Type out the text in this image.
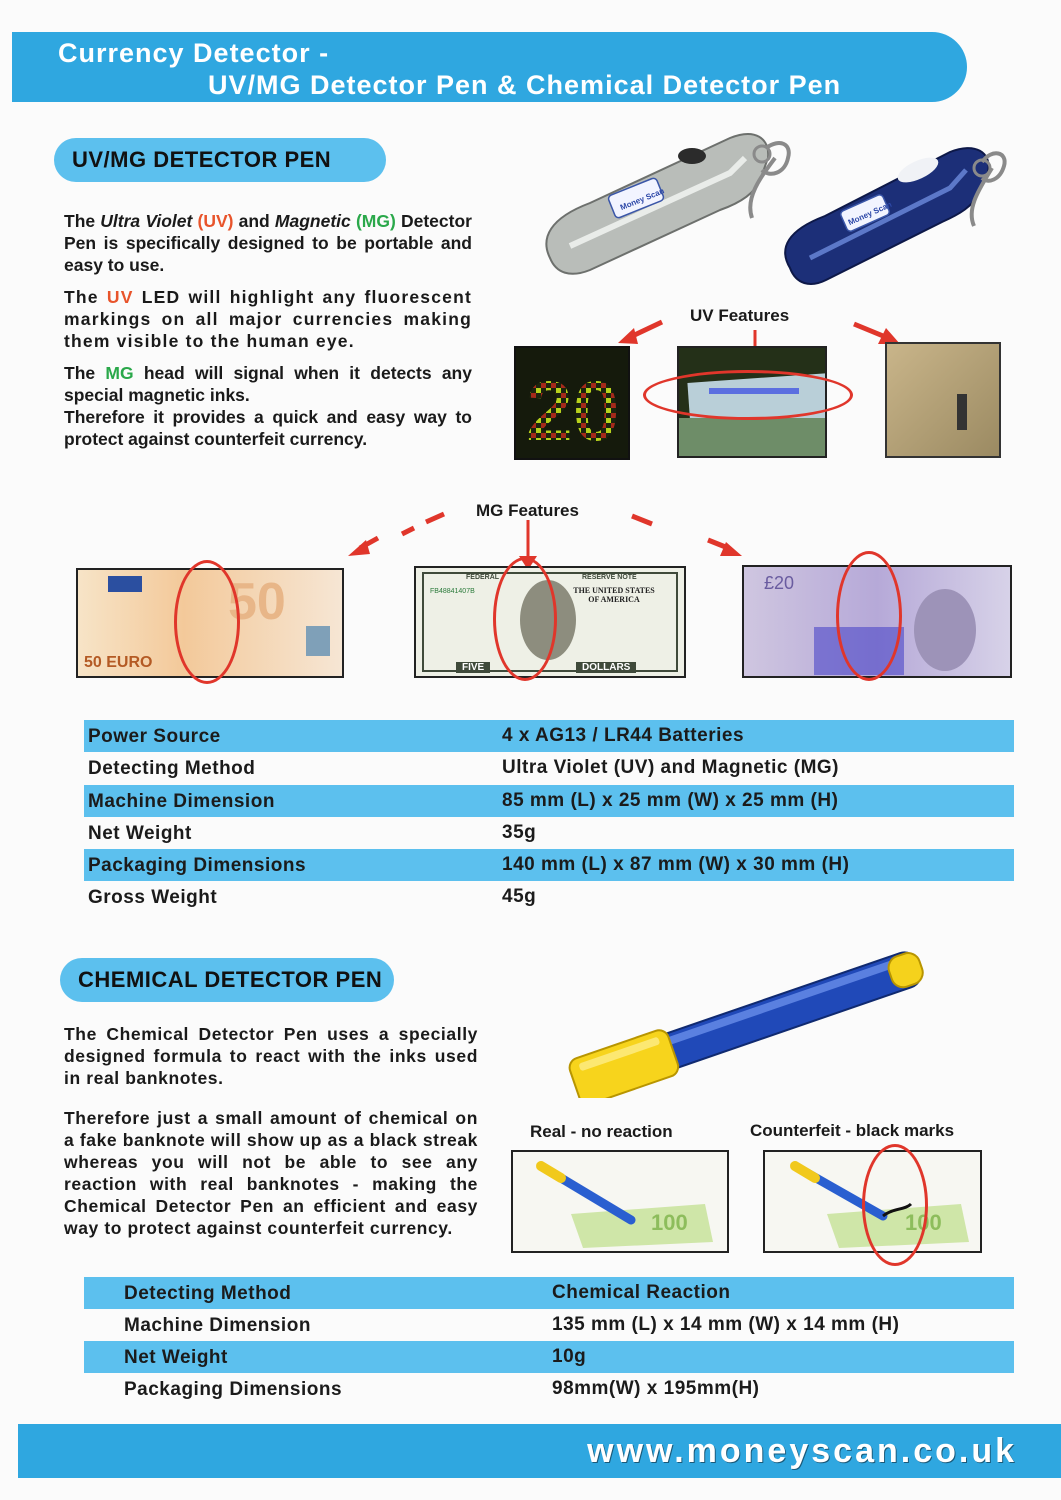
Currency Detector -
UV/MG Detector Pen & Chemical Detector Pen
UV/MG DETECTOR PEN

The Ultra Violet (UV) and Magnetic (MG) Detector Pen is specifically designed to be portable and easy to use.

The UV LED will highlight any fluorescent markings on all major currencies making them visible to the human eye.

The MG head will signal when it detects any special magnetic inks.
Therefore it provides a quick and easy way to protect against counterfeit currency.

Money Scan
Money Scan
UV Features
20
MG Features
50
50 EURO
FEDERAL	RESERVE NOTE
FB48841407B	THE UNITED STATES OF AMERICA
FIVE	DOLLARS
£20
Power Source	4 x AG13 / LR44 Batteries
Detecting Method	Ultra Violet (UV) and Magnetic (MG)
Machine Dimension	85 mm (L) x 25 mm (W) x 25 mm (H)
Net Weight	35g
Packaging Dimensions	140 mm (L) x 87 mm (W) x 30 mm (H)
Gross Weight	45g
CHEMICAL DETECTOR PEN

The Chemical Detector Pen uses a specially designed formula to react with the inks used in real banknotes.

Therefore just a small amount of chemical on a fake banknote will show up as a black streak whereas you will not be able to see any reaction with real banknotes - making the Chemical Detector Pen an efficient and easy way to protect against counterfeit currency.

Real - no reaction	Counterfeit - black marks
100	100
Detecting Method	Chemical Reaction
Machine Dimension	135 mm (L) x 14 mm (W) x 14 mm (H)
Net Weight	10g
Packaging Dimensions	98mm(W) x 195mm(H)
www.moneyscan.co.uk
